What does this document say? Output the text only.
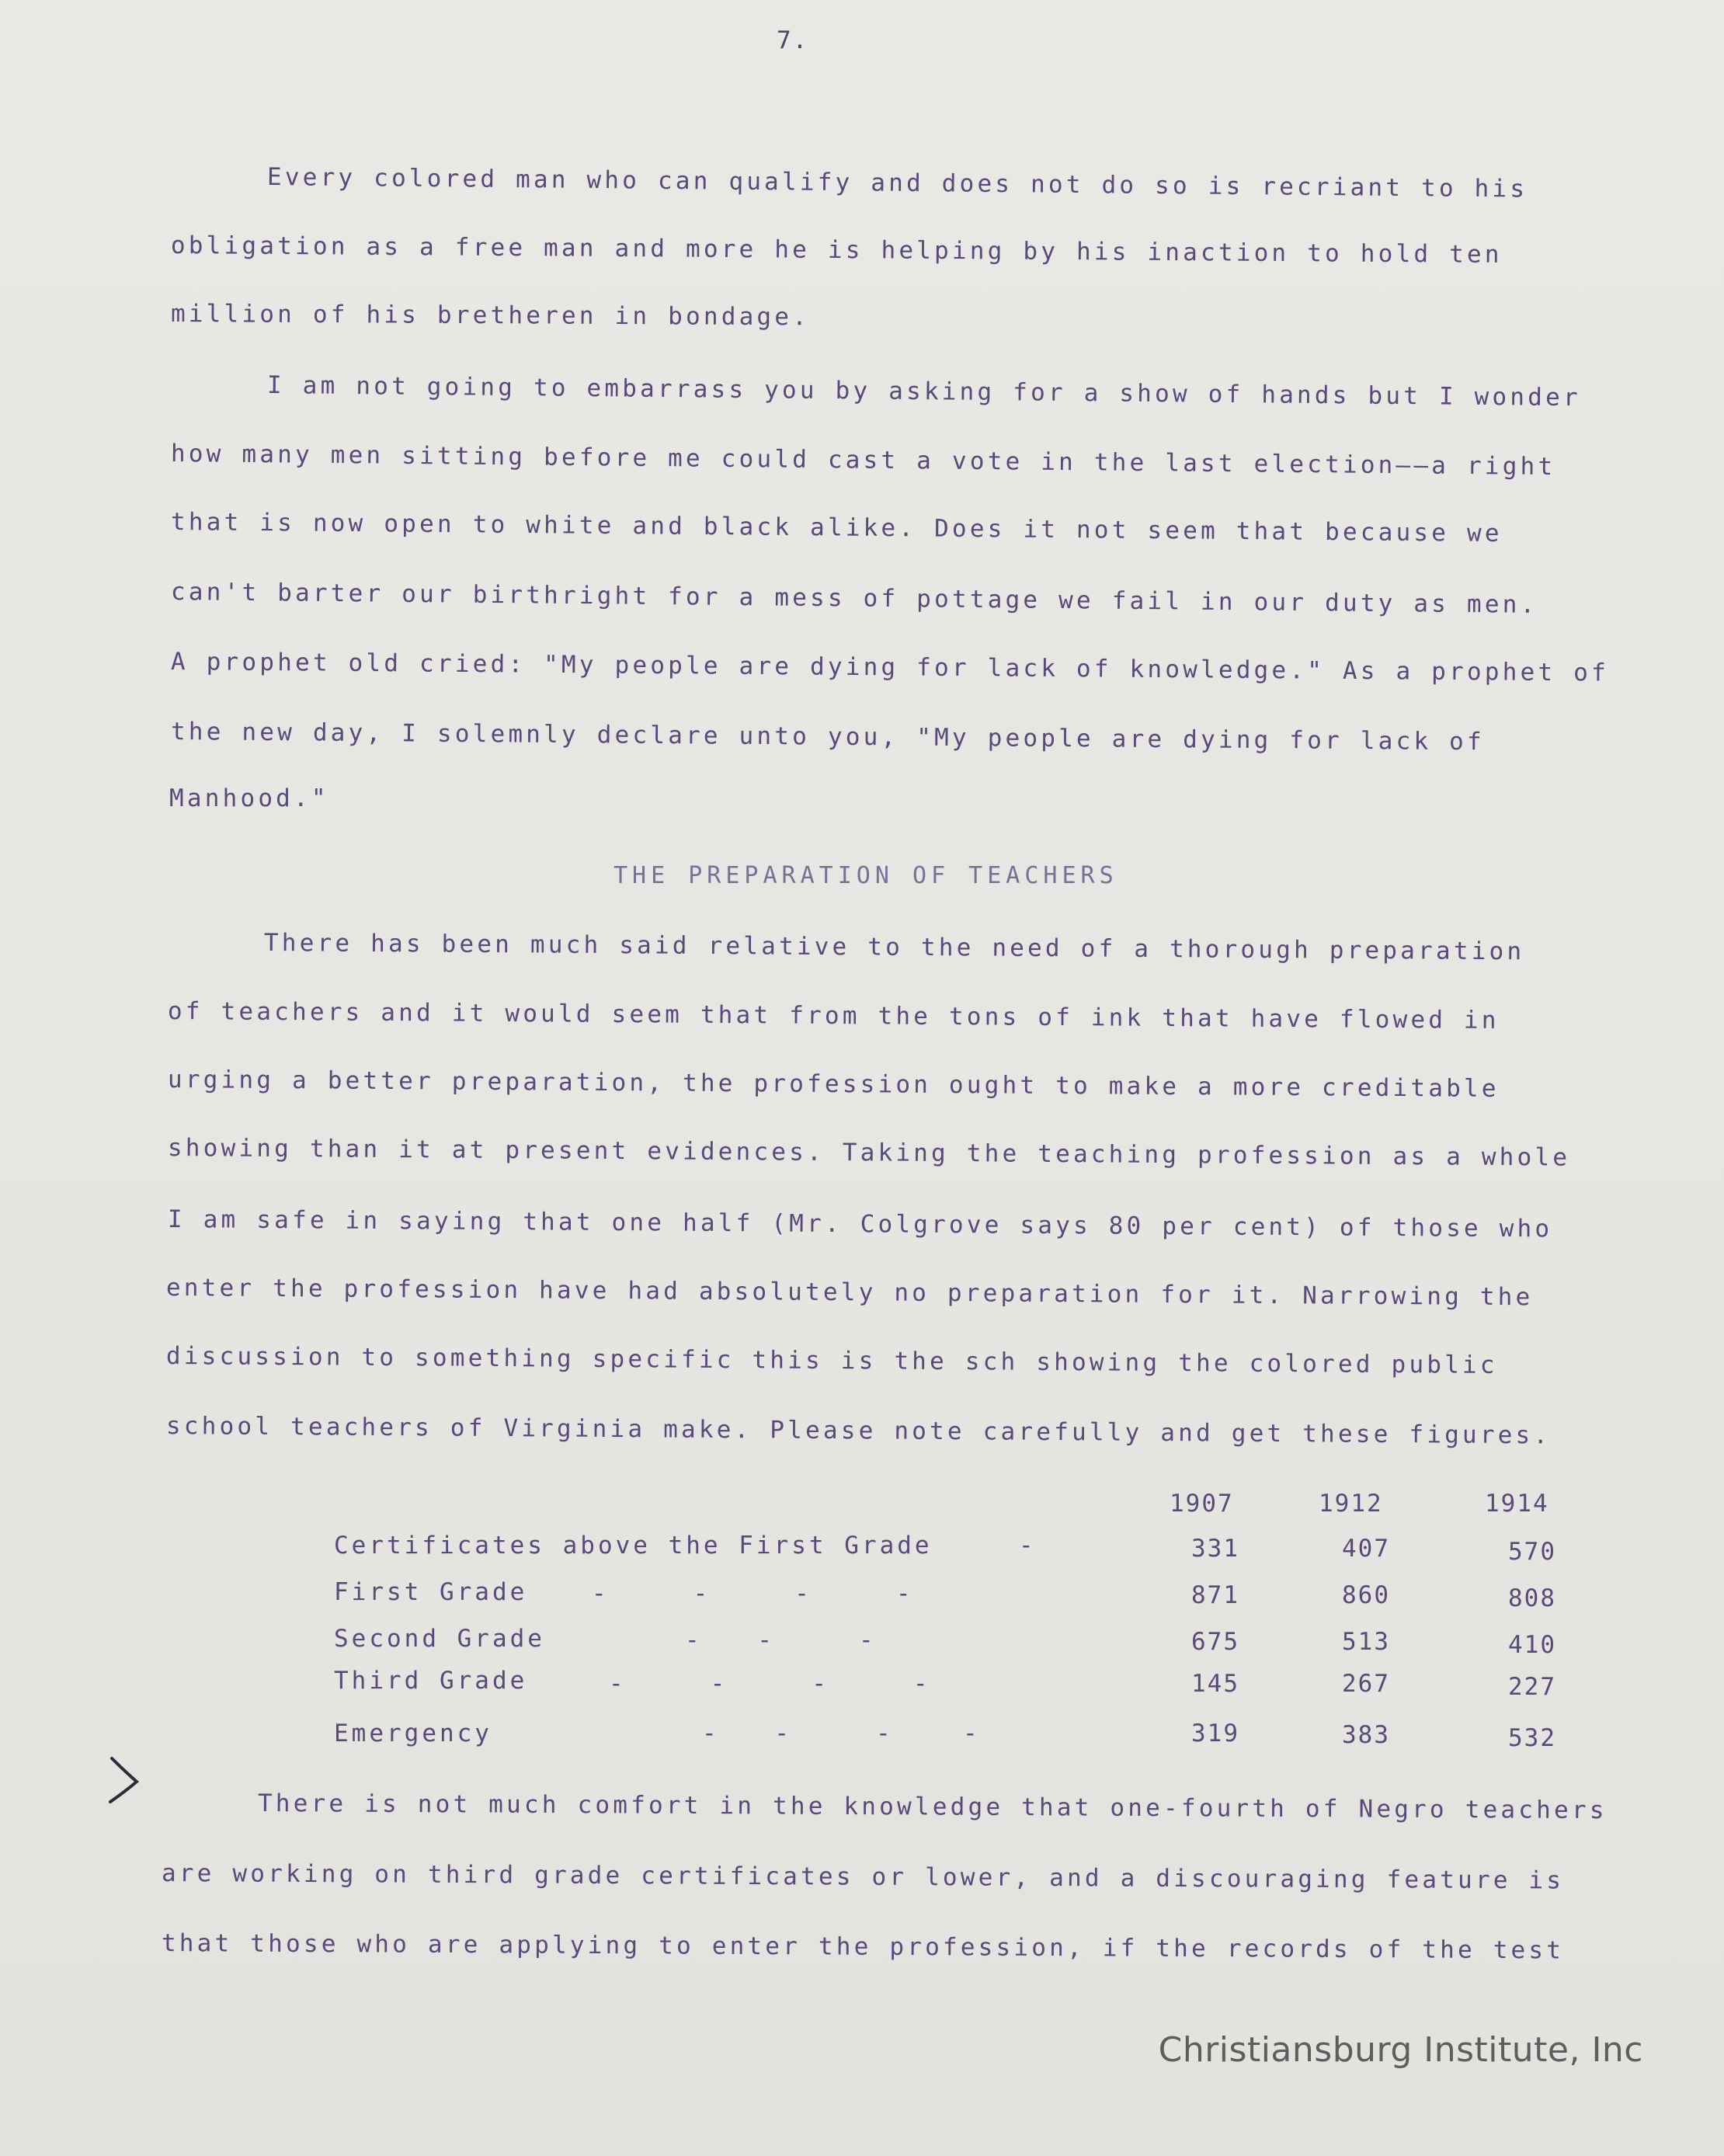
7.
Every colored man who can qualify and does not do so is recriant to his
obligation as a free man and more he is helping by his inaction to hold ten
million of his bretheren in bondage.
I am not going to embarrass you by asking for a show of hands but I wonder
how many men sitting before me could cast a vote in the last election——a right
that is now open to white and black alike. Does it not seem that because we
can't barter our birthright for a mess of pottage we fail in our duty as men.
A prophet old cried: "My people are dying for lack of knowledge." As a prophet of
the new day, I solemnly declare unto you, "My people are dying for lack of
Manhood."
THE PREPARATION OF TEACHERS
There has been much said relative to the need of a thorough preparation
of teachers and it would seem that from the tons of ink that have flowed in
urging a better preparation, the profession ought to make a more creditable
showing than it at present evidences. Taking the teaching profession as a whole
I am safe in saying that one half (Mr. Colgrove says 80 per cent) of those who
enter the profession have had absolutely no preparation for it. Narrowing the
discussion to something specific this is the sch showing the colored public
school teachers of Virginia make. Please note carefully and get these figures.
1907	1912	1914
Certificates above the First Grade	-	331	407	570
First Grade	-      -      -      -	871	860	808
Second Grade	-    -      -	675	513	410
Third Grade	-      -      -      -	145	267	227
Emergency	-    -      -     -	319	383	532
There is not much comfort in the knowledge that one-fourth of Negro teachers
are working on third grade certificates or lower, and a discouraging feature is
that those who are applying to enter the profession, if the records of the test
Christiansburg Institute, Inc
